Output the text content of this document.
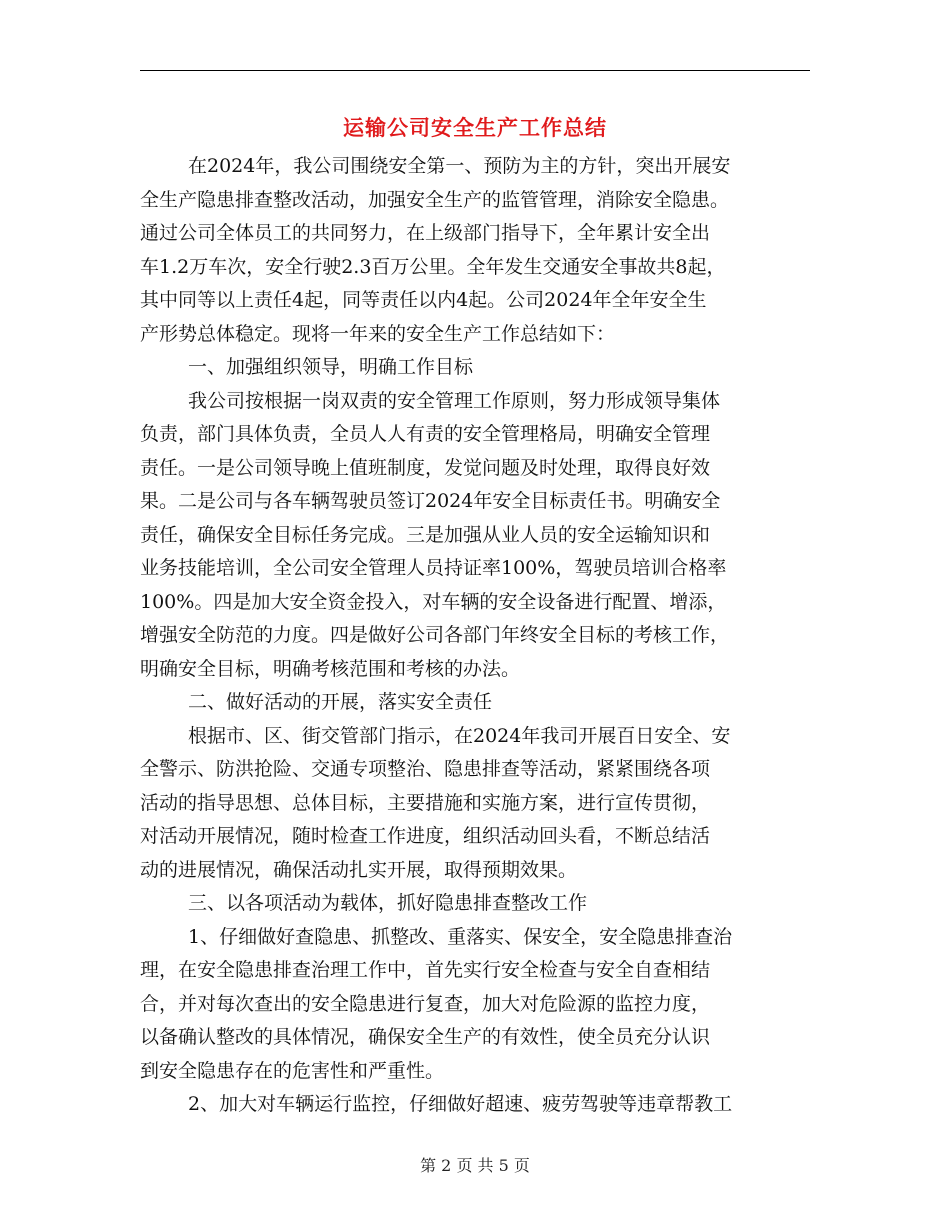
运输公司安全生产工作总结
在2024年，我公司围绕安全第一、预防为主的方针，突出开展安
全生产隐患排查整改活动，加强安全生产的监管管理，消除安全隐患。
通过公司全体员工的共同努力，在上级部门指导下，全年累计安全出
车1.2万车次，安全行驶2.3百万公里。全年发生交通安全事故共8起，
其中同等以上责任4起，同等责任以内4起。公司2024年全年安全生
产形势总体稳定。现将一年来的安全生产工作总结如下：
一、加强组织领导，明确工作目标
我公司按根据一岗双责的安全管理工作原则，努力形成领导集体
负责，部门具体负责，全员人人有责的安全管理格局，明确安全管理
责任。一是公司领导晚上值班制度，发觉问题及时处理，取得良好效
果。二是公司与各车辆驾驶员签订2024年安全目标责任书。明确安全
责任，确保安全目标任务完成。三是加强从业人员的安全运输知识和
业务技能培训，全公司安全管理人员持证率100%，驾驶员培训合格率
100%。四是加大安全资金投入，对车辆的安全设备进行配置、增添，
增强安全防范的力度。四是做好公司各部门年终安全目标的考核工作，
明确安全目标，明确考核范围和考核的办法。
二、做好活动的开展，落实安全责任
根据市、区、街交管部门指示，在2024年我司开展百日安全、安
全警示、防洪抢险、交通专项整治、隐患排查等活动，紧紧围绕各项
活动的指导思想、总体目标，主要措施和实施方案，进行宣传贯彻，
对活动开展情况，随时检查工作进度，组织活动回头看，不断总结活
动的进展情况，确保活动扎实开展，取得预期效果。
三、以各项活动为载体，抓好隐患排查整改工作
1、仔细做好查隐患、抓整改、重落实、保安全，安全隐患排查治
理，在安全隐患排查治理工作中，首先实行安全检查与安全自查相结
合，并对每次查出的安全隐患进行复查，加大对危险源的监控力度，
以备确认整改的具体情况，确保安全生产的有效性，使全员充分认识
到安全隐患存在的危害性和严重性。
2、加大对车辆运行监控，仔细做好超速、疲劳驾驶等违章帮教工
第 2 页 共 5 页
